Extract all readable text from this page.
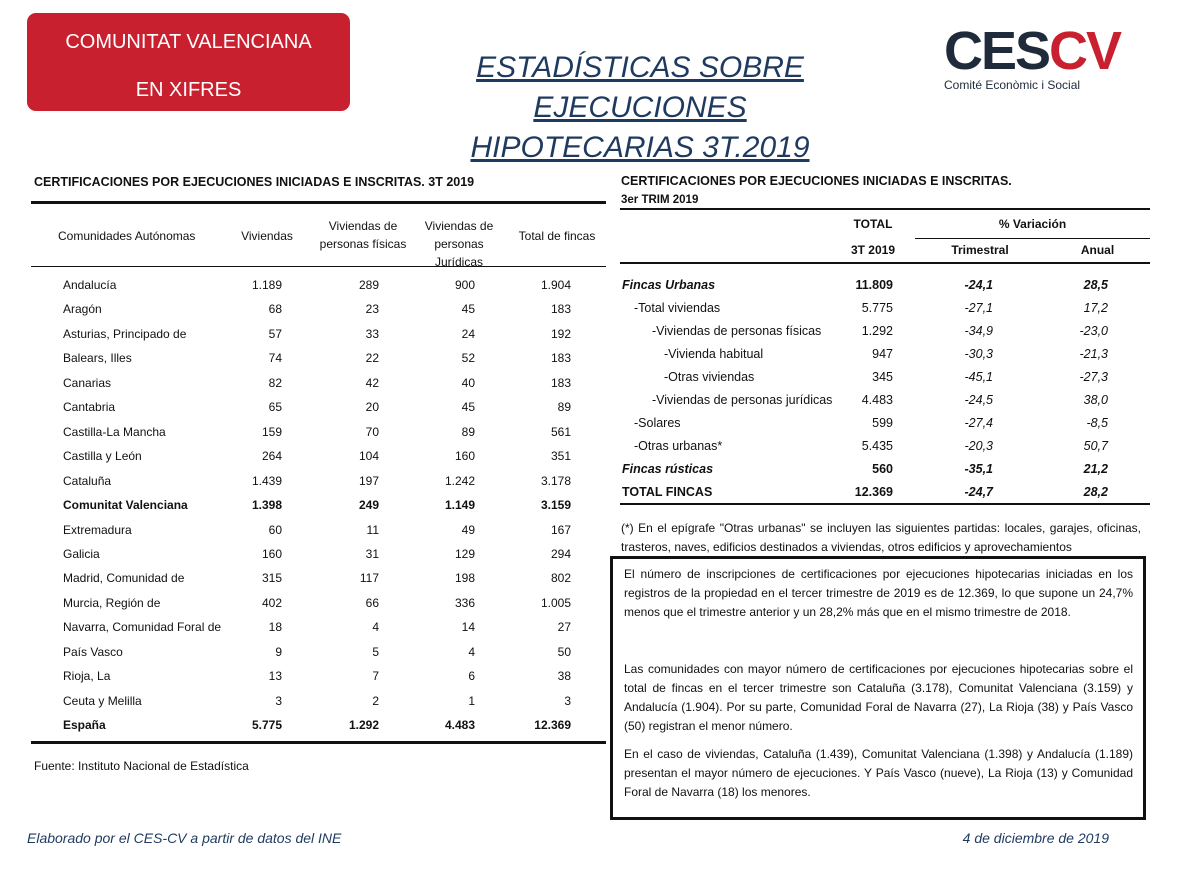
COMUNITAT VALENCIANA
EN XIFRES
ESTADÍSTICAS SOBRE EJECUCIONES
HIPOTECARIAS 3T.2019
CESCV
Comité Econòmic i Social
CERTIFICACIONES POR EJECUCIONES INICIADAS E INSCRITAS. 3T 2019
Comunidades Autónomas	Viviendas
Viviendas de
personas físicas
Viviendas de
personas Jurídicas
Total de fincas
Andalucía	1.189	289	900	1.904
Aragón	68	23	45	183
Asturias, Principado de	57	33	24	192
Balears, Illes	74	22	52	183
Canarias	82	42	40	183
Cantabria	65	20	45	89
Castilla-La Mancha	159	70	89	561
Castilla y León	264	104	160	351
Cataluña	1.439	197	1.242	3.178
Comunitat Valenciana	1.398	249	1.149	3.159
Extremadura	60	11	49	167
Galicia	160	31	129	294
Madrid, Comunidad de	315	117	198	802
Murcia, Región de	402	66	336	1.005
Navarra, Comunidad Foral de	18	4	14	27
País Vasco	9	5	4	50
Rioja, La	13	7	6	38
Ceuta y Melilla	3	2	1	3
España	5.775	1.292	4.483	12.369
Fuente: Instituto Nacional de Estadística
CERTIFICACIONES POR EJECUCIONES INICIADAS E INSCRITAS.
3er TRIM 2019
TOTAL
3T 2019
% Variación
Trimestral	Anual
Fincas Urbanas	11.809	-24,1	28,5
-Total viviendas	5.775	-27,1	17,2
-Viviendas de personas físicas	1.292	-34,9	-23,0
-Vivienda habitual	947	-30,3	-21,3
-Otras viviendas	345	-45,1	-27,3
-Viviendas de personas jurídicas 4.483	-24,5	38,0
-Solares	599	-27,4	-8,5
-Otras urbanas*	5.435	-20,3	50,7
Fincas rústicas	560	-35,1	21,2
TOTAL FINCAS	12.369	-24,7	28,2
(*) En el epígrafe "Otras urbanas" se incluyen las siguientes partidas: locales, garajes, oficinas, trasteros, naves, edificios destinados a viviendas, otros edificios y aprovechamientos

El número de inscripciones de certificaciones por ejecuciones hipotecarias iniciadas en los registros de la propiedad en el tercer trimestre de 2019 es de 12.369, lo que supone un 24,7% menos que el trimestre anterior y un 28,2% más que en el mismo trimestre de 2018.

Las comunidades con mayor número de certificaciones por ejecuciones hipotecarias sobre el total de fincas en el tercer trimestre son Cataluña (3.178), Comunitat Valenciana (3.159) y Andalucía (1.904). Por su parte, Comunidad Foral de Navarra (27), La Rioja (38) y País Vasco (50) registran el menor número.

En el caso de viviendas, Cataluña (1.439), Comunitat Valenciana (1.398) y Andalucía (1.189) presentan el mayor número de ejecuciones. Y País Vasco (nueve), La Rioja (13) y Comunidad Foral de Navarra (18) los menores.

Elaborado por el CES-CV a partir de datos del INE	4 de diciembre de 2019
